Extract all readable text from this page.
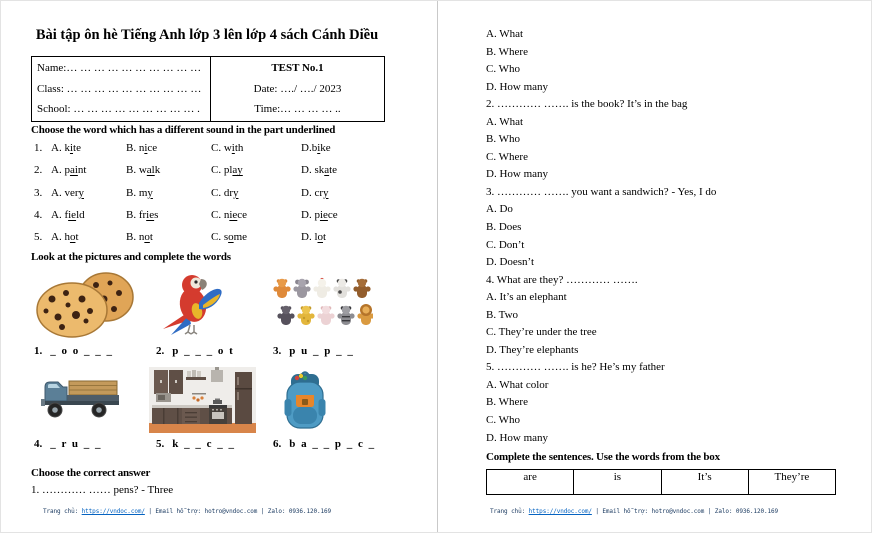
Bài tập ôn hè Tiếng Anh lớp 3 lên lớp 4 sách Cánh Diều
Name:… … … … … … … … … …
Class: … … … … … … … … … …
School: … … … … … … … … … .
TEST No.1
Date: …./ …./ 2023
Time:… … … … ..
Choose the word which has a different sound in the part underlined
1. A. kite	B. nice	C. with	D.bike
2. A. paint	B. walk	C. play	D. skate
3. A. very	B. my	C. dry	D. cry
4. A. field	B. fries	C. niece	D. piece
5. A. hot	B. not	C. some	D. lot
Look at the pictures and complete the words
1. _ o o _ _ _	2. p _ _ _ o t	3. p u _ p _ _
4. _ r u _ _	5. k _ _ c _ _	6. b a _ _ p _ c _
Choose the correct answer
1. ………… …… pens? - Three
Trang chủ: https://vndoc.com/ | Email hỗ trợ: hotro@vndoc.com | Zalo: 0936.120.169
A. What
B. Where
C. Who
D. How many
2. ………… ……. is the book? It’s in the bag
A. What
B. Who
C. Where
D. How many
3. ………… ……. you want a sandwich? - Yes, I do
A. Do
B. Does
C. Don’t
D. Doesn’t
4. What are they? ………… …….
A. It’s an elephant
B. Two
C. They’re under the tree
D. They’re elephants
5. ………… ……. is he? He’s my father
A. What color
B. Where
C. Who
D. How many
Complete the sentences. Use the words from the box
are	is	It’s	They’re
Trang chủ: https://vndoc.com/ | Email hỗ trợ: hotro@vndoc.com | Zalo: 0936.120.169
